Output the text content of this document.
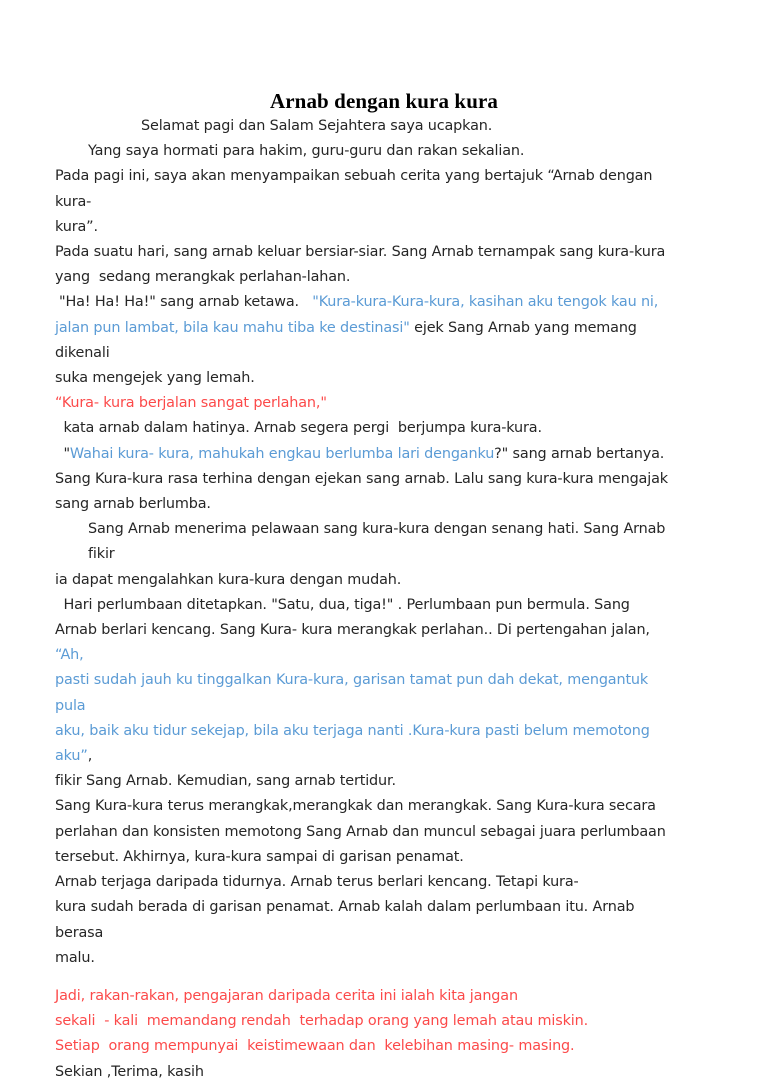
Arnab dengan kura kura

Selamat pagi dan Salam Sejahtera saya ucapkan.

Yang saya hormati para hakim, guru-guru dan rakan sekalian.

Pada pagi ini, saya akan menyampaikan sebuah cerita yang bertajuk “Arnab dengan kura-

kura”.

Pada suatu hari, sang arnab keluar bersiar-siar. Sang Arnab ternampak sang kura-kura

yang  sedang merangkak perlahan-lahan.

"Ha! Ha! Ha!" sang arnab ketawa.   "Kura-kura-Kura-kura, kasihan aku tengok kau ni,

jalan pun lambat, bila kau mahu tiba ke destinasi" ejek Sang Arnab yang memang dikenali

suka mengejek yang lemah.

“Kura- kura berjalan sangat perlahan,"

kata arnab dalam hatinya. Arnab segera pergi  berjumpa kura-kura.

"Wahai kura- kura, mahukah engkau berlumba lari denganku?" sang arnab bertanya.

Sang Kura-kura rasa terhina dengan ejekan sang arnab. Lalu sang kura-kura mengajak

sang arnab berlumba.

Sang Arnab menerima pelawaan sang kura-kura dengan senang hati. Sang Arnab fikir

ia dapat mengalahkan kura-kura dengan mudah.

Hari perlumbaan ditetapkan. "Satu, dua, tiga!" . Perlumbaan pun bermula. Sang

Arnab berlari kencang. Sang Kura- kura merangkak perlahan.. Di pertengahan jalan, “Ah,

pasti sudah jauh ku tinggalkan Kura-kura, garisan tamat pun dah dekat, mengantuk pula

aku, baik aku tidur sekejap, bila aku terjaga nanti .Kura-kura pasti belum memotong aku”,

fikir Sang Arnab. Kemudian, sang arnab tertidur.

Sang Kura-kura terus merangkak,merangkak dan merangkak. Sang Kura-kura secara

perlahan dan konsisten memotong Sang Arnab dan muncul sebagai juara perlumbaan

tersebut. Akhirnya, kura-kura sampai di garisan penamat.

Arnab terjaga daripada tidurnya. Arnab terus berlari kencang. Tetapi kura-

kura sudah berada di garisan penamat. Arnab kalah dalam perlumbaan itu. Arnab berasa

malu.

Jadi, rakan-rakan, pengajaran daripada cerita ini ialah kita jangan

sekali  - kali  memandang rendah  terhadap orang yang lemah atau miskin.

Setiap  orang mempunyai  keistimewaan dan  kelebihan masing- masing.

Sekian ,Terima, kasih
